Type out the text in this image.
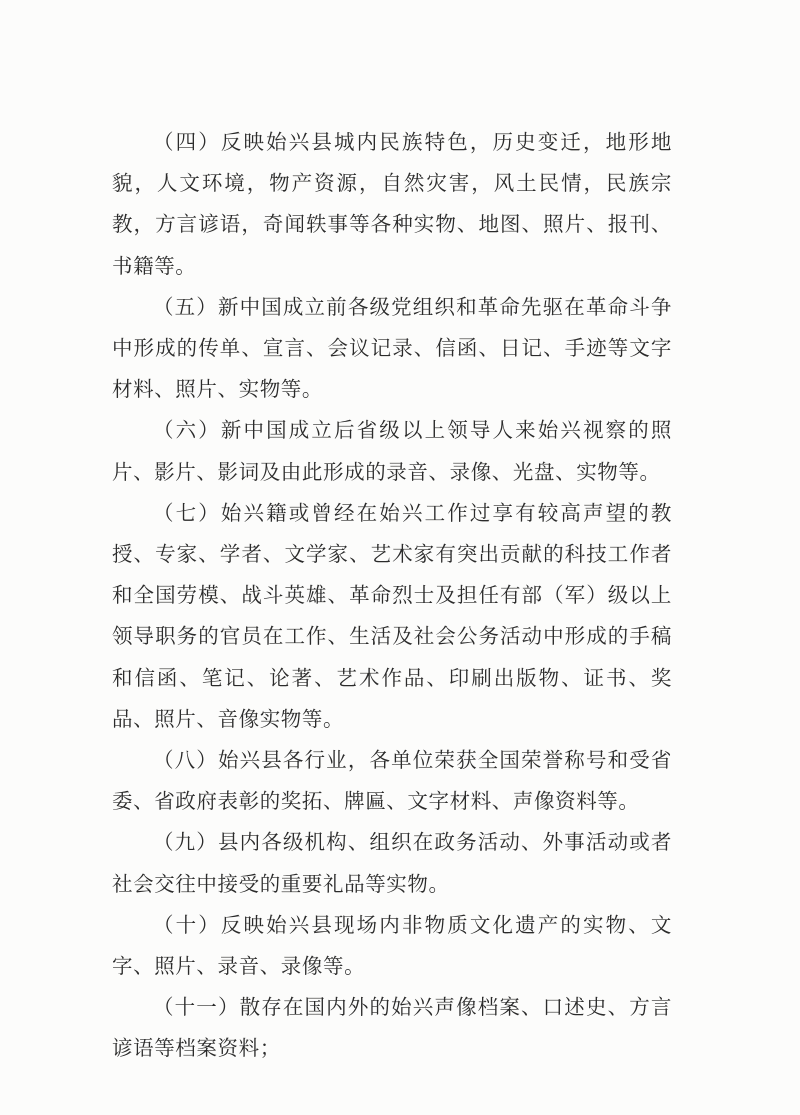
（四）反映始兴县城内民族特色，历史变迁，地形地貌，人文环境，物产资源，自然灾害，风土民情，民族宗教，方言谚语，奇闻轶事等各种实物、地图、照片、报刊、书籍等。

（五）新中国成立前各级党组织和革命先驱在革命斗争中形成的传单、宣言、会议记录、信函、日记、手迹等文字材料、照片、实物等。

（六）新中国成立后省级以上领导人来始兴视察的照片、影片、影词及由此形成的录音、录像、光盘、实物等。

（七）始兴籍或曾经在始兴工作过享有较高声望的教授、专家、学者、文学家、艺术家有突出贡献的科技工作者和全国劳模、战斗英雄、革命烈士及担任有部（军）级以上领导职务的官员在工作、生活及社会公务活动中形成的手稿和信函、笔记、论著、艺术作品、印刷出版物、证书、奖品、照片、音像实物等。

（八）始兴县各行业，各单位荣获全国荣誉称号和受省委、省政府表彰的奖拓、牌匾、文字材料、声像资料等。

（九）县内各级机构、组织在政务活动、外事活动或者社会交往中接受的重要礼品等实物。

（十）反映始兴县现场内非物质文化遗产的实物、文字、照片、录音、录像等。

（十一）散存在国内外的始兴声像档案、口述史、方言谚语等档案资料；
